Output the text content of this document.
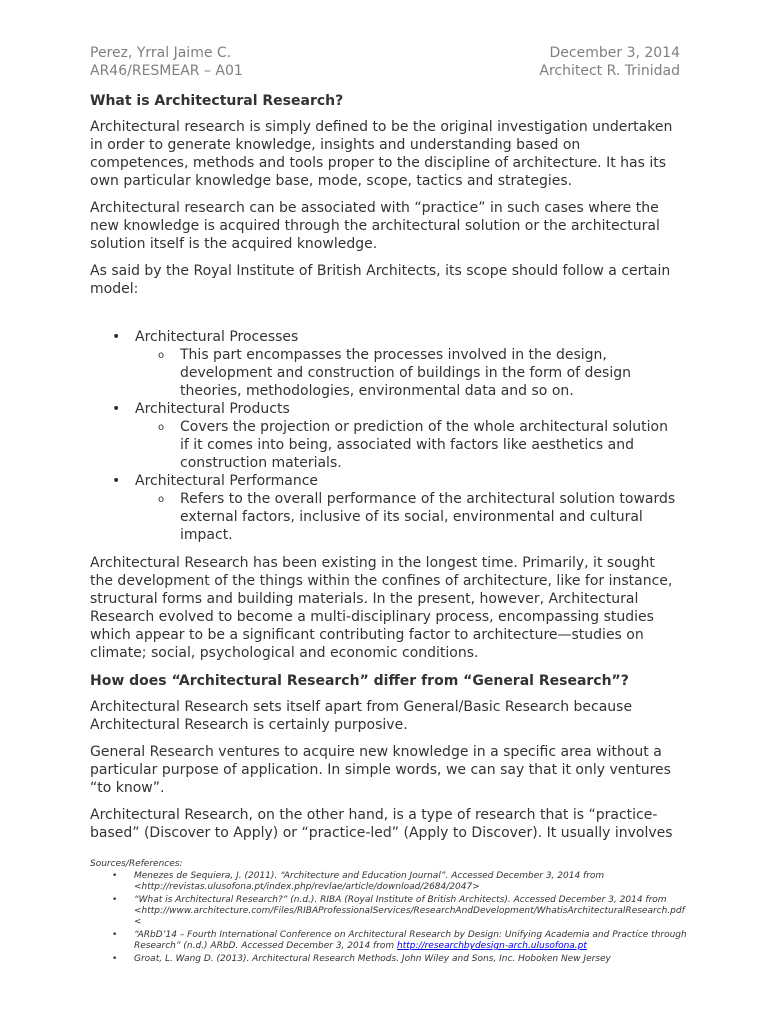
Perez, Yrral Jaime C.
AR46/RESMEAR – A01
December 3, 2014
Architect R. Trinidad
What is Architectural Research?

Architectural research is simply defined to be the original investigation undertaken in order to generate knowledge, insights and understanding based on competences, methods and tools proper to the discipline of architecture. It has its own particular knowledge base, mode, scope, tactics and strategies.

Architectural research can be associated with “practice” in such cases where the new knowledge is acquired through the architectural solution or the architectural solution itself is the acquired knowledge.

As said by the Royal Institute of British Architects, its scope should follow a certain model:

• Architectural Processes
o This part encompasses the processes involved in the design, development and construction of buildings in the form of design theories, methodologies, environmental data and so on.
• Architectural Products
o Covers the projection or prediction of the whole architectural solution if it comes into being, associated with factors like aesthetics and construction materials.
• Architectural Performance
o Refers to the overall performance of the architectural solution towards external factors, inclusive of its social, environmental and cultural impact.

Architectural Research has been existing in the longest time. Primarily, it sought the development of the things within the confines of architecture, like for instance, structural forms and building materials. In the present, however, Architectural Research evolved to become a multi-disciplinary process, encompassing studies which appear to be a significant contributing factor to architecture—studies on climate; social, psychological and economic conditions.

How does “Architectural Research” differ from “General Research”?

Architectural Research sets itself apart from General/Basic Research because Architectural Research is certainly purposive.

General Research ventures to acquire new knowledge in a specific area without a particular purpose of application. In simple words, we can say that it only ventures “to know”.

Architectural Research, on the other hand, is a type of research that is “practice-based” (Discover to Apply) or “practice-led” (Apply to Discover). It usually involves

Sources/References:
• Menezes de Sequiera, J. (2011). “Architecture and Education Journal”. Accessed December 3, 2014 from <http://revistas.ulusofona.pt/index.php/revlae/article/download/2684/2047>
• “What is Architectural Research?” (n.d.). RIBA (Royal Institute of British Architects). Accessed December 3, 2014 from <http://www.architecture.com/Files/RIBAProfessionalServices/ResearchAndDevelopment/WhatisArchitecturalResearch.pdf <
• “ARbD’14 – Fourth International Conference on Architectural Research by Design: Unifying Academia and Practice through Research” (n.d.) ARbD. Accessed December 3, 2014 from http://researchbydesign-arch.ulusofona.pt
• Groat, L. Wang D. (2013). Architectural Research Methods. John Wiley and Sons, Inc. Hoboken New Jersey
